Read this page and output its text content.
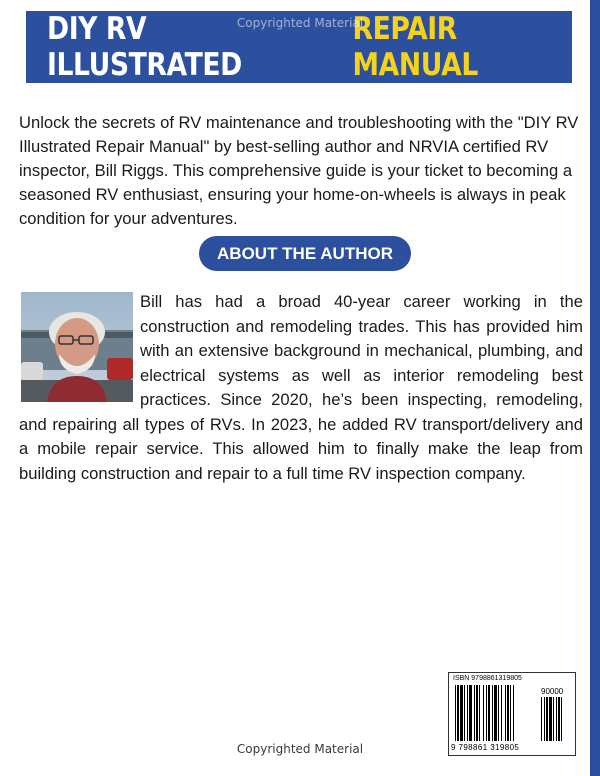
DIY RV ILLUSTRATED
REPAIR MANUAL
Copyrighted Material

Unlock the secrets of RV maintenance and troubleshooting with the "DIY RV Illustrated Repair Manual" by best-selling author and NRVIA certified RV inspector, Bill Riggs. This comprehensive guide is your ticket to becoming a seasoned RV enthusiast, ensuring your home-on-wheels is always in peak condition for your adventures.

ABOUT THE AUTHOR

Bill has had a broad 40-year career working in the construction and remodeling trades. This has provided him with an extensive background in mechanical, plumbing, and electrical systems as well as interior remodeling best practices. Since 2020, he’s been inspecting, remodeling, and repairing all types of RVs. In 2023, he added RV transport/delivery and a mobile repair service. This allowed him to finally make the leap from building construction and repair to a full time RV inspection company.

ISBN 9798861319805
90000
9 798861 319805
Copyrighted Material
